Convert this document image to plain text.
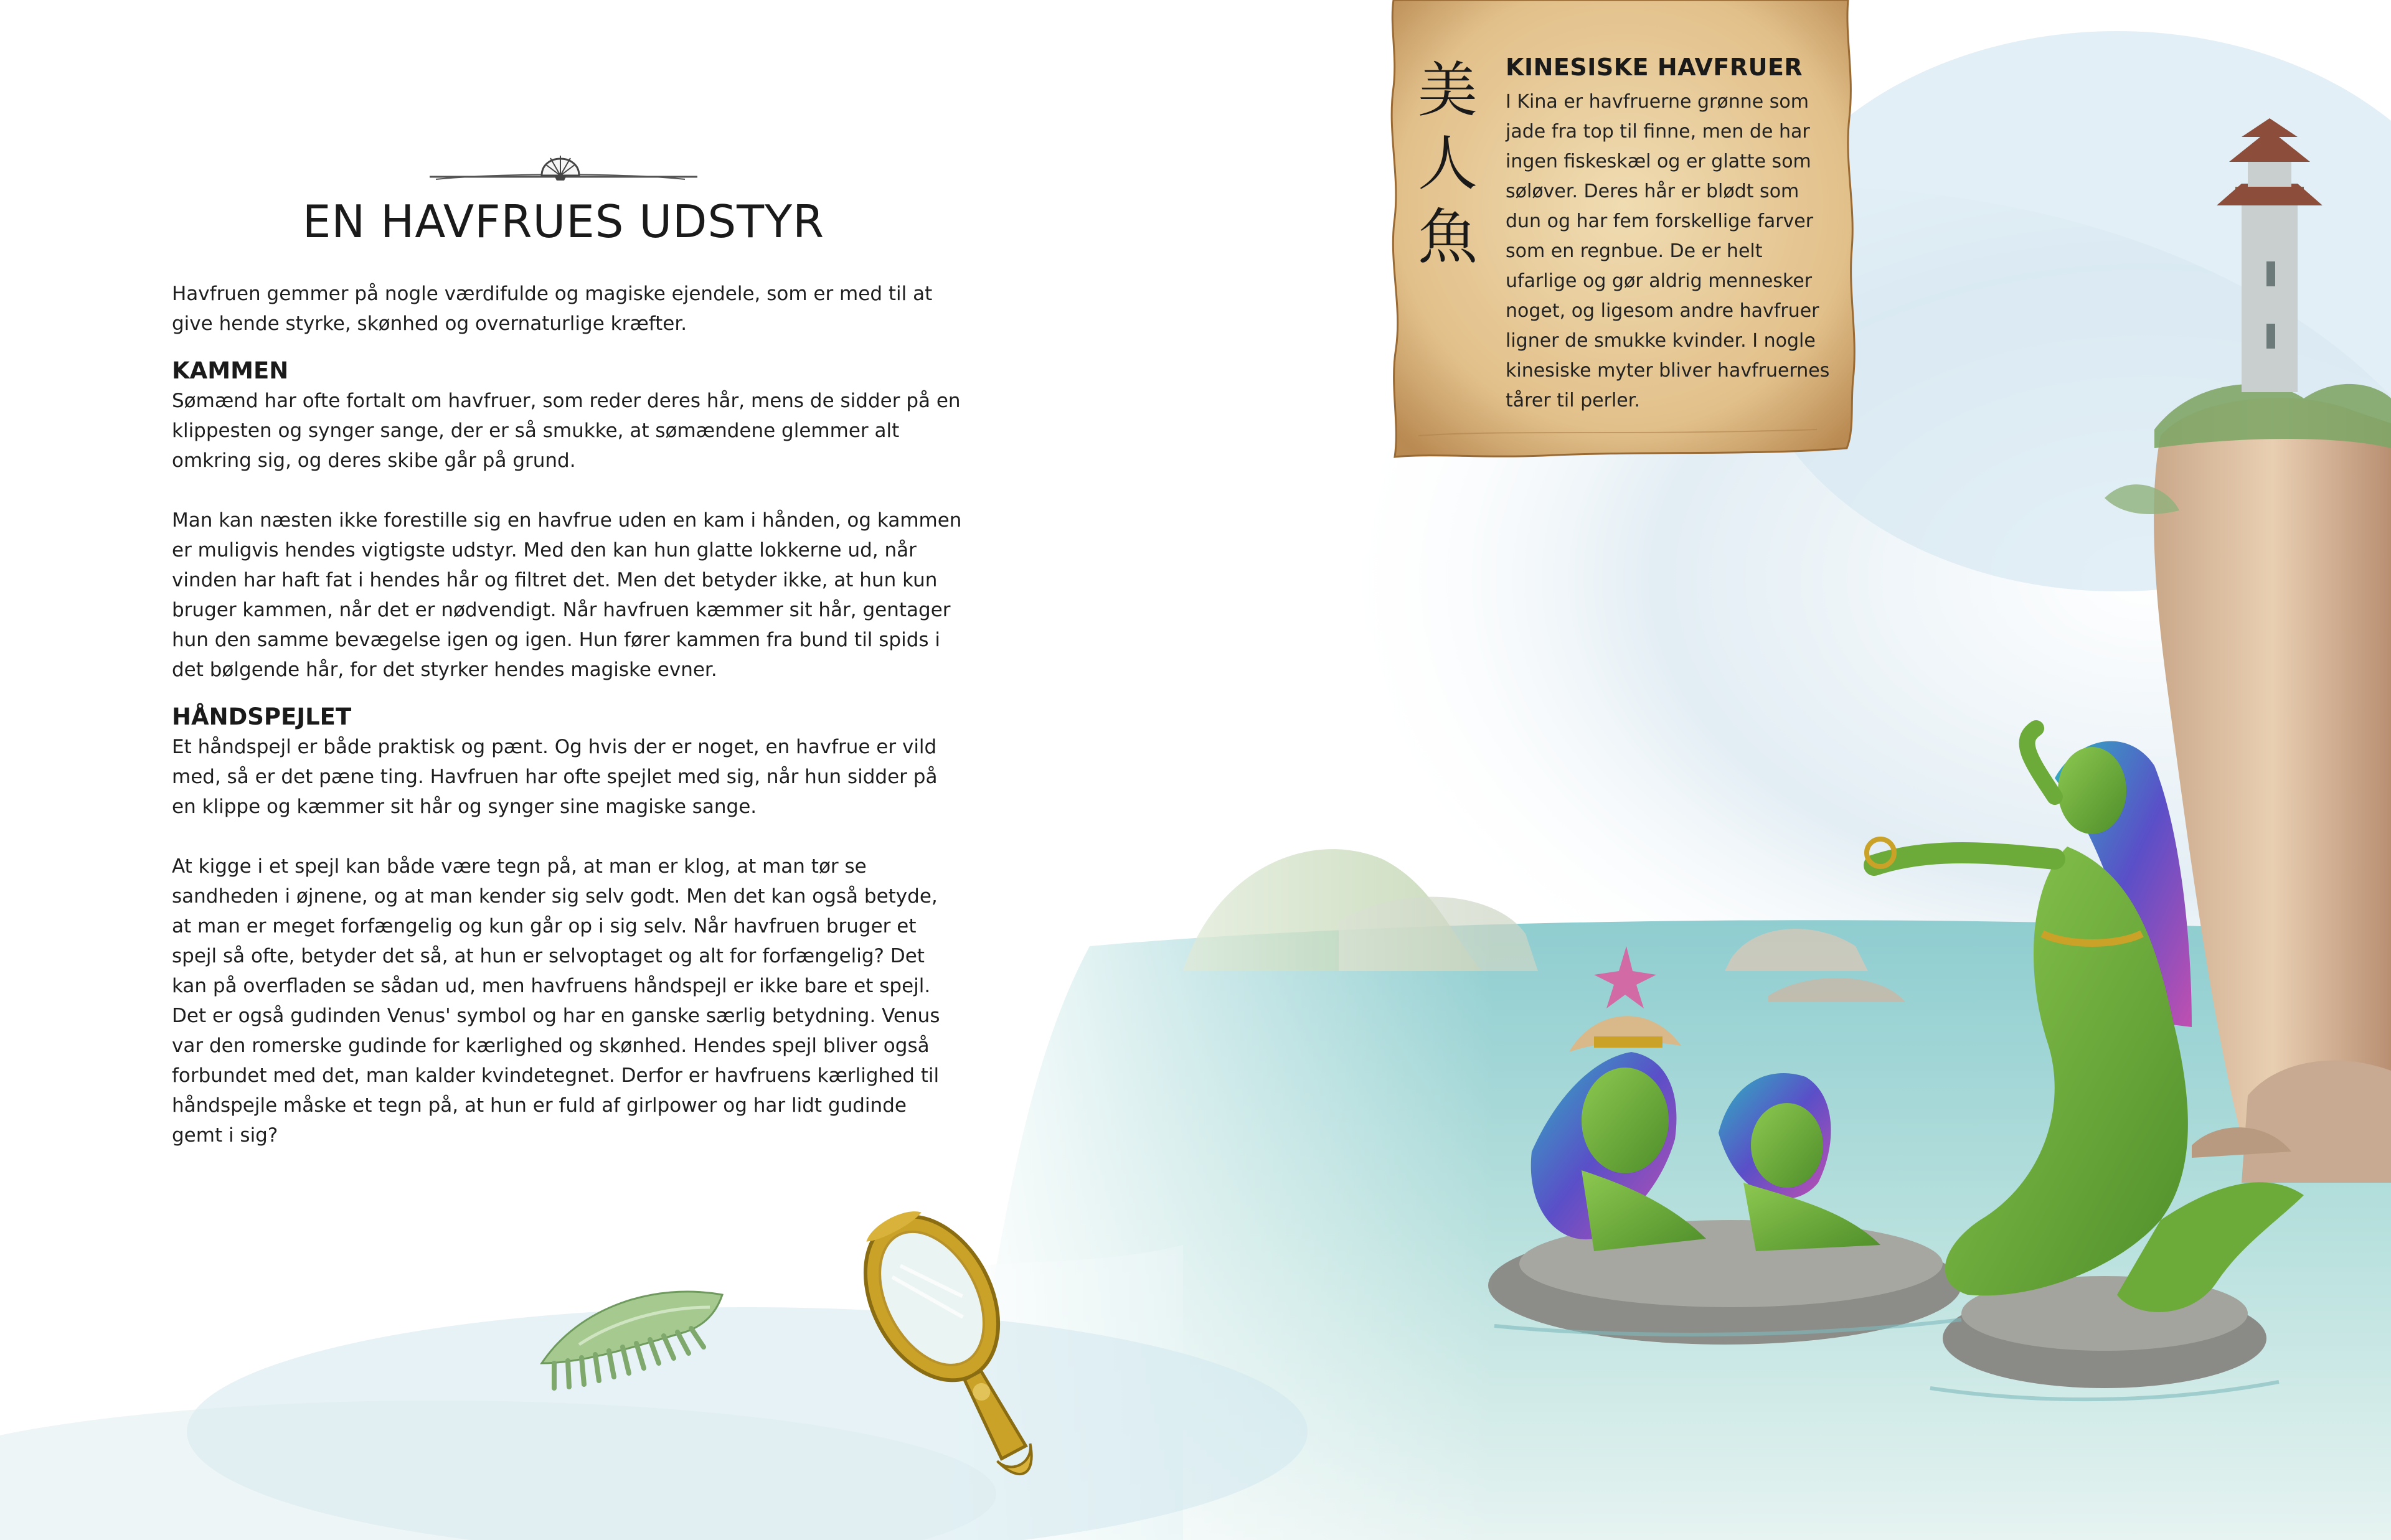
EN HAVFRUES UDSTYR

Havfruen gemmer på nogle værdifulde og magiske ejendele, som er med til at give hende styrke, skønhed og overnaturlige kræfter.

KAMMEN

Sømænd har ofte fortalt om havfruer, som reder deres hår, mens de sidder på en klippesten og synger sange, der er så smukke, at sømændene glemmer alt omkring sig, og deres skibe går på grund.

Man kan næsten ikke forestille sig en havfrue uden en kam i hånden, og kammen er muligvis hendes vigtigste udstyr. Med den kan hun glatte lokkerne ud, når vinden har haft fat i hendes hår og filtret det. Men det betyder ikke, at hun kun bruger kammen, når det er nødvendigt. Når havfruen kæmmer sit hår, gentager hun den samme bevægelse igen og igen. Hun fører kammen fra bund til spids i det bølgende hår, for det styrker hendes magiske evner.

HÅNDSPEJLET

Et håndspejl er både praktisk og pænt. Og hvis der er noget, en havfrue er vild med, så er det pæne ting. Havfruen har ofte spejlet med sig, når hun sidder på en klippe og kæmmer sit hår og synger sine magiske sange.

At kigge i et spejl kan både være tegn på, at man er klog, at man tør se sandheden i øjnene, og at man kender sig selv godt. Men det kan også betyde, at man er meget forfængelig og kun går op i sig selv. Når havfruen bruger et spejl så ofte, betyder det så, at hun er selvoptaget og alt for forfængelig? Det kan på overfladen se sådan ud, men havfruens håndspejl er ikke bare et spejl. Det er også gudinden Venus' symbol og har en ganske særlig betydning. Venus var den romerske gudinde for kærlighed og skønhed. Hendes spejl bliver også forbundet med det, man kalder kvindetegnet. Derfor er havfruens kærlighed til håndspejle måske et tegn på, at hun er fuld af girlpower og har lidt gudinde gemt i sig?

美
人
魚
KINESISKE HAVFRUER

I Kina er havfruerne grønne som jade fra top til finne, men de har ingen fiskeskæl og er glatte som søløver. Deres hår er blødt som dun og har fem forskellige farver som en regnbue. De er helt ufarlige og gør aldrig mennesker noget, og ligesom andre havfruer ligner de smukke kvinder. I nogle kinesiske myter bliver havfruernes tårer til perler.
